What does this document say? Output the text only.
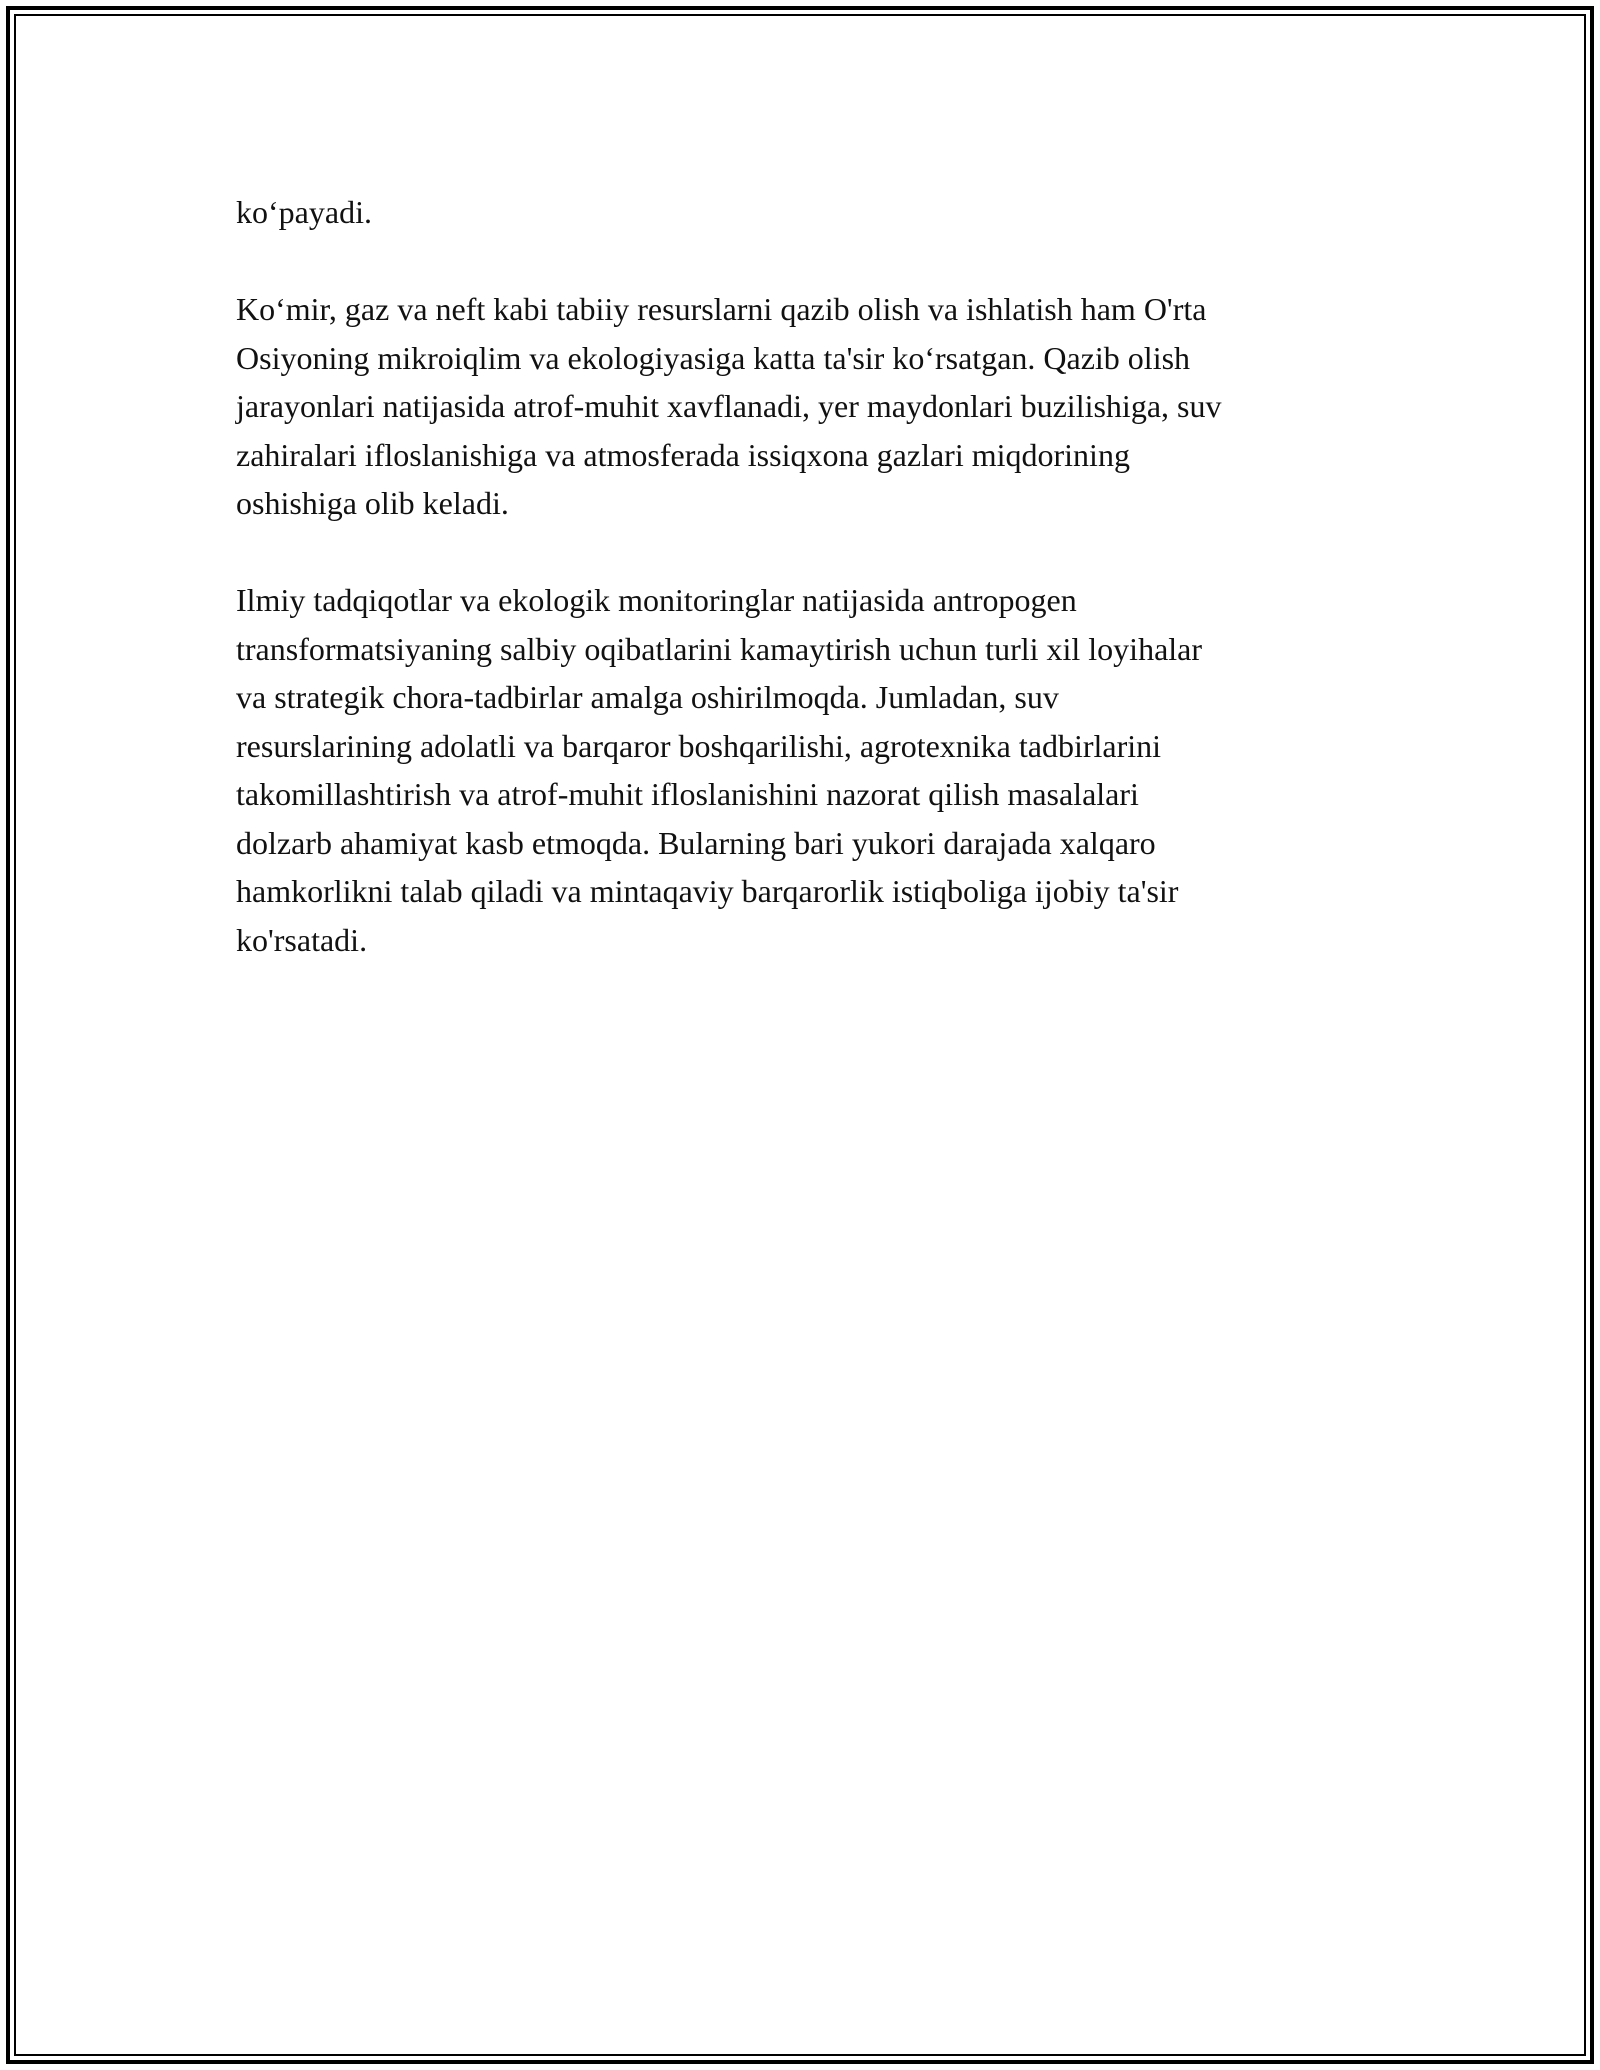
ko‘payadi.

Ko‘mir, gaz va neft kabi tabiiy resurslarni qazib olish va ishlatish ham O'rta
Osiyoning mikroiqlim va ekologiyasiga katta ta'sir ko‘rsatgan. Qazib olish
jarayonlari natijasida atrof-muhit xavflanadi, yer maydonlari buzilishiga, suv
zahiralari ifloslanishiga va atmosferada issiqxona gazlari miqdorining
oshishiga olib keladi.

Ilmiy tadqiqotlar va ekologik monitoringlar natijasida antropogen
transformatsiyaning salbiy oqibatlarini kamaytirish uchun turli xil loyihalar
va strategik chora-tadbirlar amalga oshirilmoqda. Jumladan, suv
resurslarining adolatli va barqaror boshqarilishi, agrotexnika tadbirlarini
takomillashtirish va atrof-muhit ifloslanishini nazorat qilish masalalari
dolzarb ahamiyat kasb etmoqda. Bularning bari yukori darajada xalqaro
hamkorlikni talab qiladi va mintaqaviy barqarorlik istiqboliga ijobiy ta'sir
ko'rsatadi.
